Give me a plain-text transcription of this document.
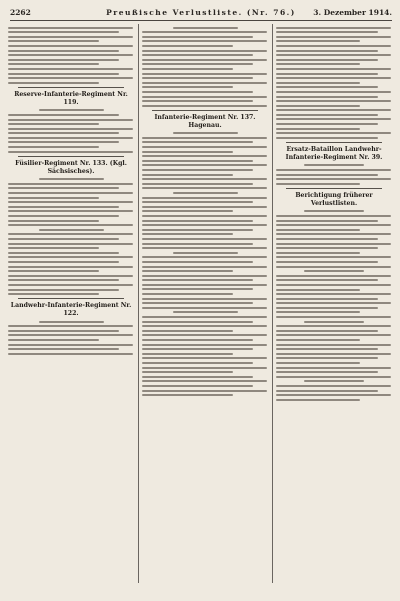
2262	Preußische Verlustliste. (Nr. 76.)	3. Dezember 1914.
Reserve-Infanterie-Regiment Nr. 119.
Füsilier-Regiment Nr. 133. (Kgl. Sächsisches).
Landwehr-Infanterie-Regiment Nr. 122.
Infanterie-Regiment Nr. 137. Hagenau.
Ersatz-Bataillon Landwehr-Infanterie-Regiment Nr. 39.
Berichtigung früherer Verlustlisten.
